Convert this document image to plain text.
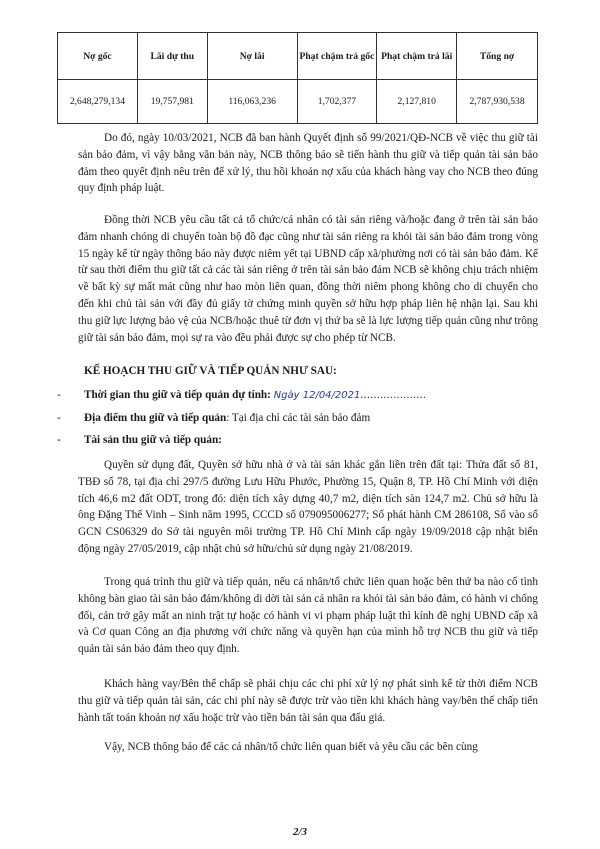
Nợ gốc	Lãi dự thu	Nợ lãi	Phạt chậm trả gốc	Phạt chậm trả lãi	Tổng nợ
2,648,279,134	19,757,981	116,063,236	1,702,377	2,127,810	2,787,930,538

Do đó, ngày 10/03/2021, NCB đã ban hành Quyết định số 99/2021/QĐ-NCB về việc thu giữ tài sản bảo đảm, vì vậy bằng văn bản này, NCB thông báo sẽ tiến hành thu giữ và tiếp quản tài sản bảo đảm theo quyết định nêu trên để xử lý, thu hồi khoản nợ xấu của khách hàng vay cho NCB theo đúng quy định pháp luật.

Đồng thời NCB yêu cầu tất cả tổ chức/cá nhân có tài sản riêng và/hoặc đang ở trên tài sản bảo đảm nhanh chóng di chuyển toàn bộ đồ đạc cũng như tài sản riêng ra khỏi tài sản bảo đảm trong vòng 15 ngày kể từ ngày thông báo này được niêm yết tại UBND cấp xã/phường nơi có tài sản bảo đảm. Kể từ sau thời điểm thu giữ tất cả các tài sản riêng ở trên tài sản bảo đảm NCB sẽ không chịu trách nhiệm về bất kỳ sự mất mát cũng như hao mòn liên quan, đồng thời niêm phong không cho di chuyển cho đến khi chủ tài sản với đầy đủ giấy tờ chứng minh quyền sở hữu hợp pháp liên hệ nhận lại. Sau khi thu giữ lực lượng bảo vệ của NCB/hoặc thuê từ đơn vị thứ ba sẽ là lực lượng tiếp quản cũng như trông giữ tài sản bảo đảm, mọi sự ra vào đều phải được sự cho phép từ NCB.

KẾ HOẠCH THU GIỮ VÀ TIẾP QUẢN NHƯ SAU:
- Thời gian thu giữ và tiếp quản dự tính: Ngày 12/04/2021....................
- Địa điểm thu giữ và tiếp quản: Tại địa chỉ các tài sản bảo đảm
- Tài sản thu giữ và tiếp quản:

Quyền sử dụng đất, Quyền sở hữu nhà ở và tài sản khác gắn liền trên đất tại: Thửa đất số 81, TBĐ số 78, tại địa chỉ 297/5 đường Lưu Hữu Phước, Phường 15, Quận 8, TP. Hồ Chí Minh với diện tích 46,6 m2 đất ODT, trong đó: diện tích xây dựng 40,7 m2, diện tích sàn 124,7 m2. Chủ sở hữu là ông Đặng Thế Vinh – Sinh năm 1995, CCCD số 079095006277; Số phát hành CM 286108, Số vào sổ GCN CS06329 do Sở tài nguyên môi trường TP. Hồ Chí Minh cấp ngày 19/09/2018 cập nhật biến động ngày 27/05/2019, cập nhật chủ sở hữu/chủ sử dụng ngày 21/08/2019.

Trong quá trình thu giữ và tiếp quản, nếu cá nhân/tổ chức liên quan hoặc bên thứ ba nào cố tình không bàn giao tài sản bảo đảm/không di dời tài sản cá nhân ra khỏi tài sản bảo đảm, có hành vi chống đối, cản trở gây mất an ninh trật tự hoặc có hành vi vi phạm pháp luật thì kính đề nghị UBND cấp xã và Cơ quan Công an địa phương với chức năng và quyền hạn của mình hỗ trợ NCB thu giữ và tiếp quản tài sản bảo đảm theo quy định.

Khách hàng vay/Bên thế chấp sẽ phải chịu các chi phí xử lý nợ phát sinh kể từ thời điểm NCB thu giữ và tiếp quản tài sản, các chi phí này sẽ được trừ vào tiền khi khách hàng vay/bên thế chấp tiến hành tất toán khoản nợ xấu hoặc trừ vào tiền bán tài sản qua đấu giá.

Vậy, NCB thông báo để các cá nhân/tổ chức liên quan biết và yêu cầu các bên cùng

2/3
